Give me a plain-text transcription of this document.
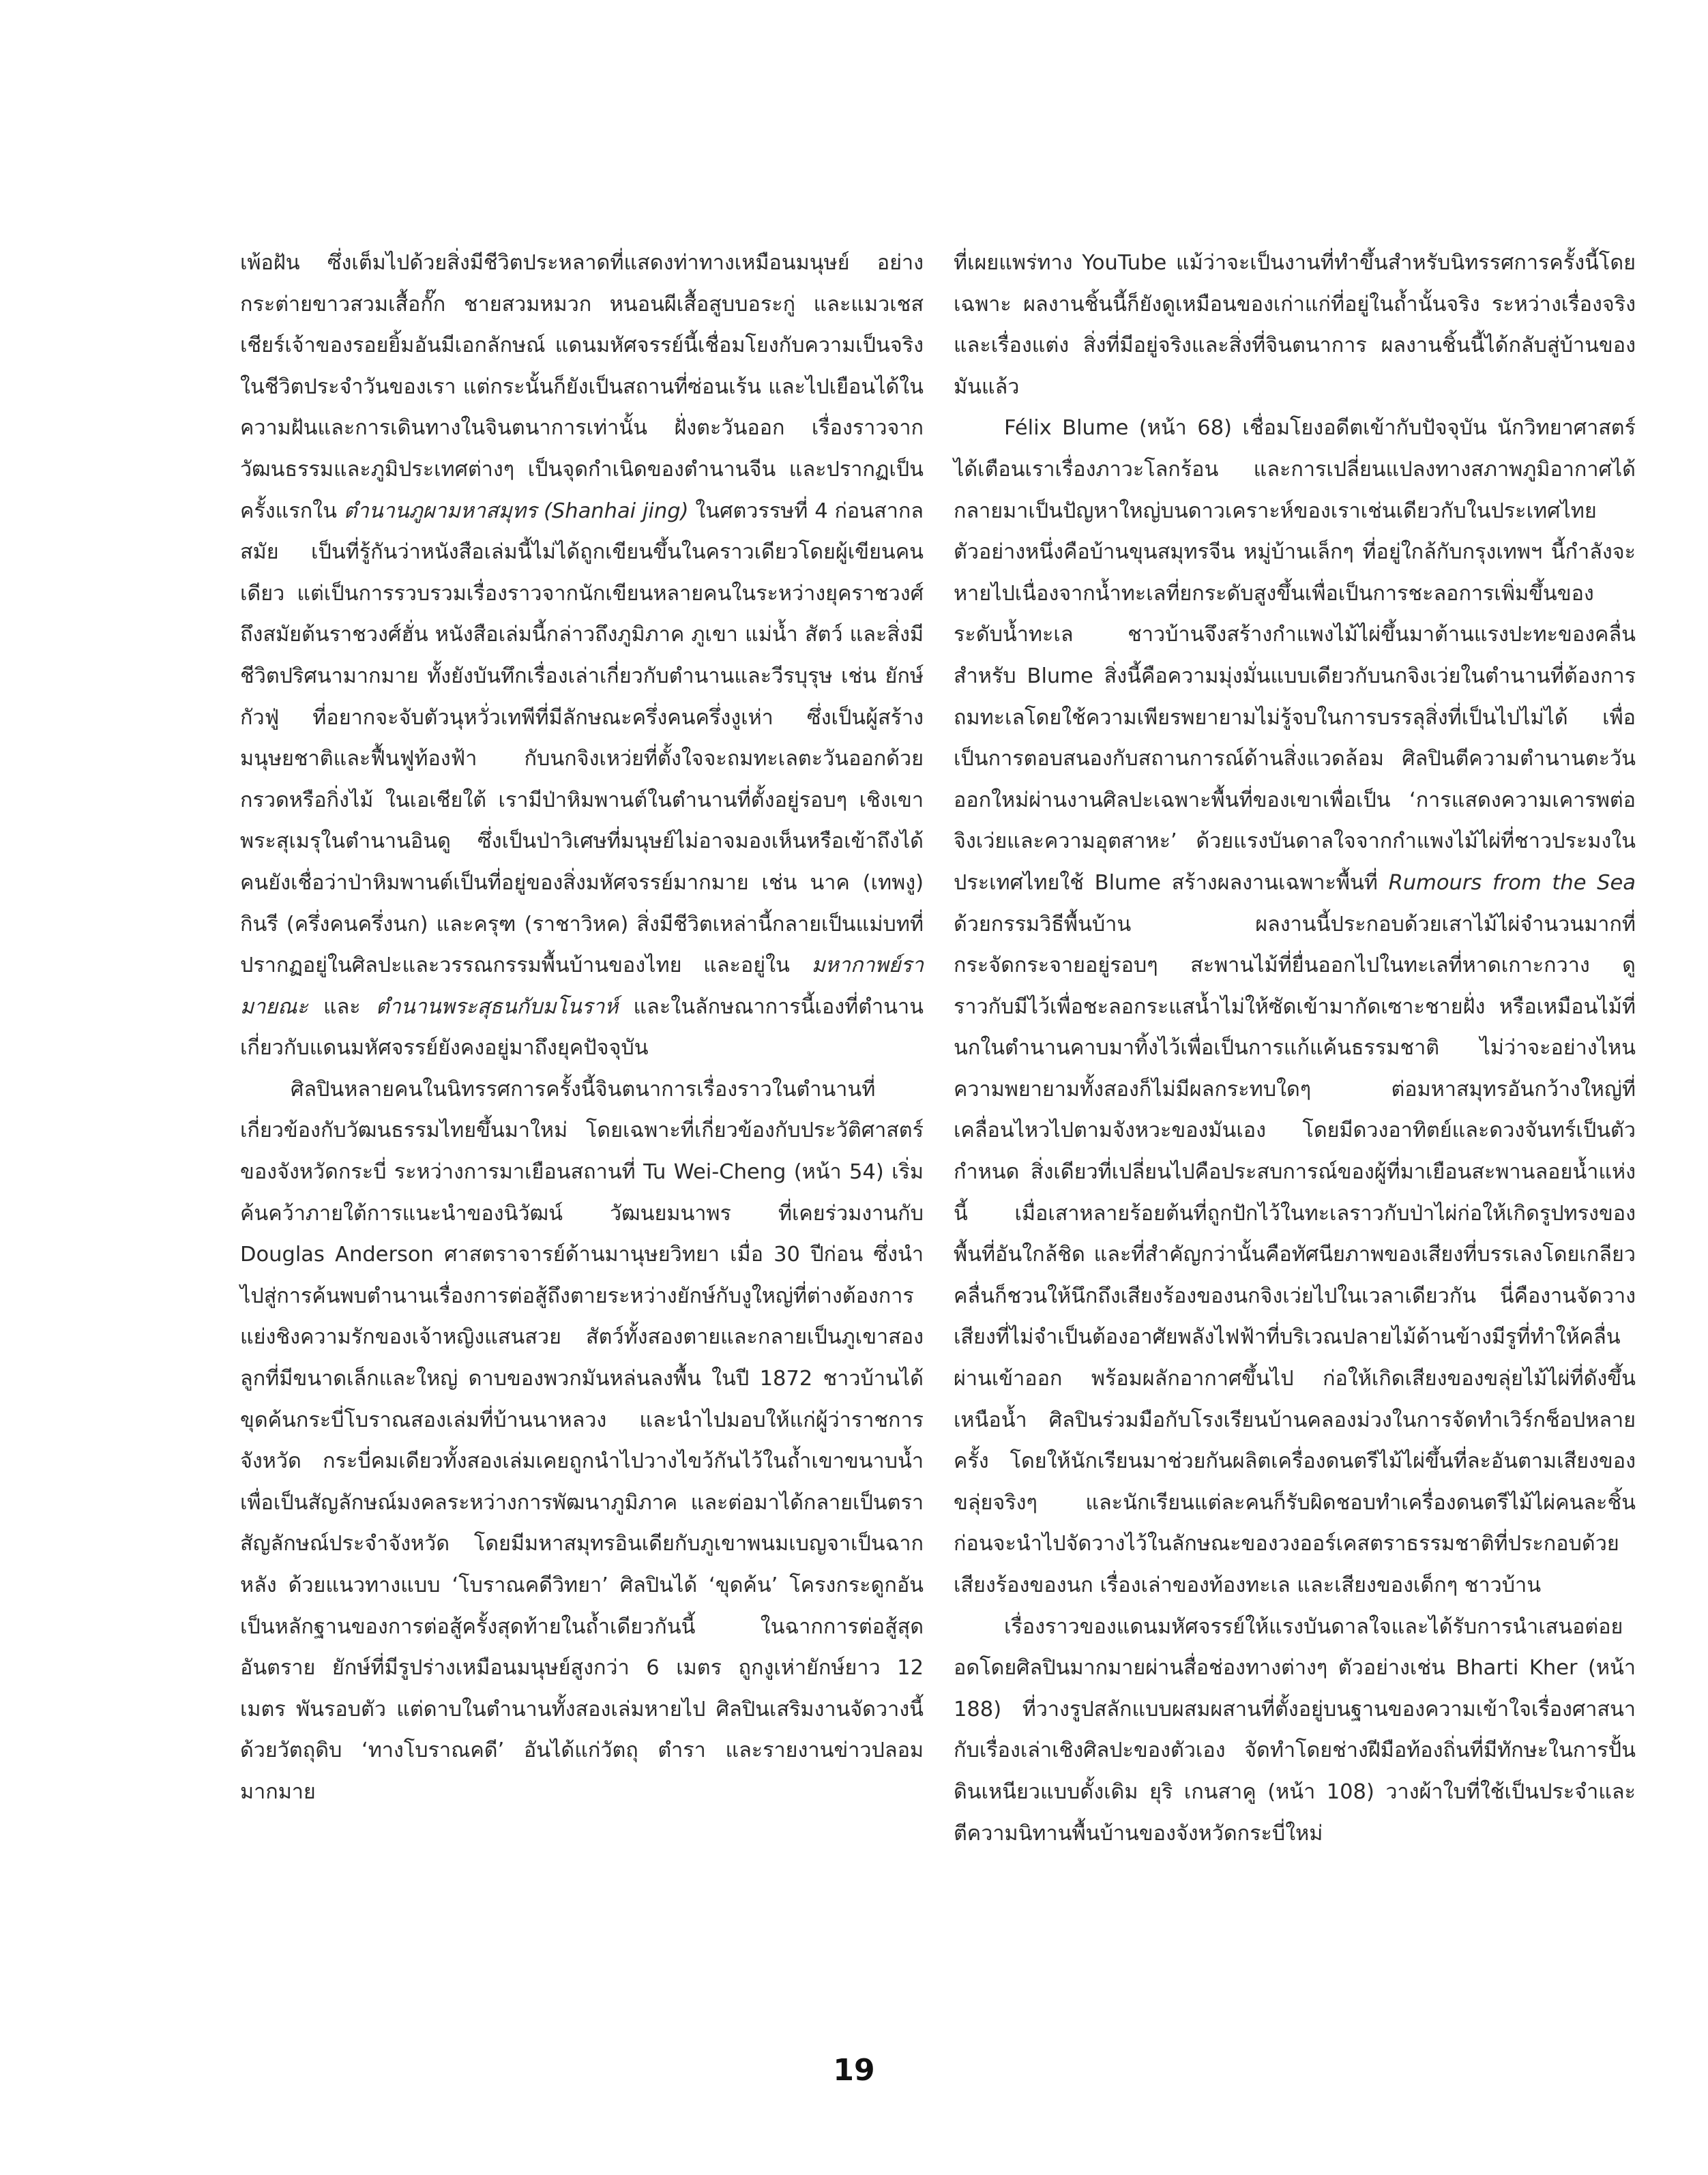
เพ้อฝัน ซึ่งเต็มไปด้วยสิ่งมีชีวิตประหลาดที่แสดงท่าทางเหมือนมนุษย์ อย่างกระต่ายขาวสวมเสื้อกั๊ก ชายสวมหมวก หนอนผีเสื้อสูบบอระกู่ และแมวเชสเชียร์เจ้าของรอยยิ้มอันมีเอกลักษณ์ แดนมหัศจรรย์นี้เชื่อมโยงกับความเป็นจริงในชีวิตประจำวันของเรา แต่กระนั้นก็ยังเป็นสถานที่ซ่อนเร้น และไปเยือนได้ในความฝันและการเดินทางในจินตนาการเท่านั้น ฝั่งตะวันออก เรื่องราวจากวัฒนธรรมและภูมิประเทศต่างๆ เป็นจุดกำเนิดของตำนานจีน และปรากฏเป็นครั้งแรกใน ตำนานภูผามหาสมุทร (Shanhai jing) ในศตวรรษที่ 4 ก่อนสากลสมัย เป็นที่รู้กันว่าหนังสือเล่มนี้ไม่ได้ถูกเขียนขึ้นในคราวเดียวโดยผู้เขียนคนเดียว แต่เป็นการรวบรวมเรื่องราวจากนักเขียนหลายคนในระหว่างยุคราชวงศ์ถึงสมัยต้นราชวงศ์ฮั่น หนังสือเล่มนี้กล่าวถึงภูมิภาค ภูเขา แม่น้ำ สัตว์ และสิ่งมีชีวิตปริศนามากมาย ทั้งยังบันทึกเรื่องเล่าเกี่ยวกับตำนานและวีรบุรุษ เช่น ยักษ์กัวฟู่ ที่อยากจะจับตัวนุหวั่วเทพีที่มีลักษณะครึ่งคนครึ่งงูเห่า ซึ่งเป็นผู้สร้างมนุษยชาติและฟื้นฟูท้องฟ้า กับนกจิงเหว่ยที่ตั้งใจจะถมทะเลตะวันออกด้วยกรวดหรือกิ่งไม้ ในเอเชียใต้ เรามีป่าหิมพานต์ในตำนานที่ตั้งอยู่รอบๆ เชิงเขาพระสุเมรุในตำนานอินดู ซึ่งเป็นป่าวิเศษที่มนุษย์ไม่อาจมองเห็นหรือเข้าถึงได้ คนยังเชื่อว่าป่าหิมพานต์เป็นที่อยู่ของสิ่งมหัศจรรย์มากมาย เช่น นาค (เทพงู) กินรี (ครึ่งคนครึ่งนก) และครุฑ (ราชาวิหค) สิ่งมีชีวิตเหล่านี้กลายเป็นแม่บทที่ปรากฏอยู่ในศิลปะและวรรณกรรมพื้นบ้านของไทย และอยู่ใน มหากาพย์รามายณะ และ ตำนานพระสุธนกับมโนราห์ และในลักษณาการนี้เองที่ตำนานเกี่ยวกับแดนมหัศจรรย์ยังคงอยู่มาถึงยุคปัจจุบัน

ศิลปินหลายคนในนิทรรศการครั้งนี้จินตนาการเรื่องราวในตำนานที่เกี่ยวข้องกับวัฒนธรรมไทยขึ้นมาใหม่ โดยเฉพาะที่เกี่ยวข้องกับประวัติศาสตร์ของจังหวัดกระบี่ ระหว่างการมาเยือนสถานที่ Tu Wei-Cheng (หน้า 54) เริ่มค้นคว้าภายใต้การแนะนำของนิวัฒน์ วัฒนยมนาพร ที่เคยร่วมงานกับ Douglas Anderson ศาสตราจารย์ด้านมานุษยวิทยา เมื่อ 30 ปีก่อน ซึ่งนำไปสู่การค้นพบตำนานเรื่องการต่อสู้ถึงตายระหว่างยักษ์กับงูใหญ่ที่ต่างต้องการแย่งชิงความรักของเจ้าหญิงแสนสวย สัตว์ทั้งสองตายและกลายเป็นภูเขาสองลูกที่มีขนาดเล็กและใหญ่ ดาบของพวกมันหล่นลงพื้น ในปี 1872 ชาวบ้านได้ขุดค้นกระบี่โบราณสองเล่มที่บ้านนาหลวง และนำไปมอบให้แก่ผู้ว่าราชการจังหวัด กระบี่คมเดียวทั้งสองเล่มเคยถูกนำไปวางไขว้กันไว้ในถ้ำเขาขนาบน้ำเพื่อเป็นสัญลักษณ์มงคลระหว่างการพัฒนาภูมิภาค และต่อมาได้กลายเป็นตราสัญลักษณ์ประจำจังหวัด โดยมีมหาสมุทรอินเดียกับภูเขาพนมเบญจาเป็นฉากหลัง ด้วยแนวทางแบบ ‘โบราณคดีวิทยา’ ศิลปินได้ ‘ขุดค้น’ โครงกระดูกอันเป็นหลักฐานของการต่อสู้ครั้งสุดท้ายในถ้ำเดียวกันนี้ ในฉากการต่อสู้สุดอันตราย ยักษ์ที่มีรูปร่างเหมือนมนุษย์สูงกว่า 6 เมตร ถูกงูเห่ายักษ์ยาว 12 เมตร พันรอบตัว แต่ดาบในตำนานทั้งสองเล่มหายไป ศิลปินเสริมงานจัดวางนี้ด้วยวัตถุดิบ ‘ทางโบราณคดี’ อันได้แก่วัตถุ ตำรา และรายงานข่าวปลอมมากมาย

ที่เผยแพร่ทาง YouTube แม้ว่าจะเป็นงานที่ทำขึ้นสำหรับนิทรรศการครั้งนี้โดยเฉพาะ ผลงานชิ้นนี้ก็ยังดูเหมือนของเก่าแก่ที่อยู่ในถ้ำนั้นจริง ระหว่างเรื่องจริงและเรื่องแต่ง สิ่งที่มีอยู่จริงและสิ่งที่จินตนาการ ผลงานชิ้นนี้ได้กลับสู่บ้านของมันแล้ว

Félix Blume (หน้า 68) เชื่อมโยงอดีตเข้ากับปัจจุบัน นักวิทยาศาสตร์ได้เตือนเราเรื่องภาวะโลกร้อน และการเปลี่ยนแปลงทางสภาพภูมิอากาศได้กลายมาเป็นปัญหาใหญ่บนดาวเคราะห์ของเราเช่นเดียวกับในประเทศไทย ตัวอย่างหนึ่งคือบ้านขุนสมุทรจีน หมู่บ้านเล็กๆ ที่อยู่ใกล้กับกรุงเทพฯ นี้กำลังจะหายไปเนื่องจากน้ำทะเลที่ยกระดับสูงขึ้นเพื่อเป็นการชะลอการเพิ่มขึ้นของระดับน้ำทะเล ชาวบ้านจึงสร้างกำแพงไม้ไผ่ขึ้นมาต้านแรงปะทะของคลื่น สำหรับ Blume สิ่งนี้คือความมุ่งมั่นแบบเดียวกับนกจิงเว่ยในตำนานที่ต้องการถมทะเลโดยใช้ความเพียรพยายามไม่รู้จบในการบรรลุสิ่งที่เป็นไปไม่ได้ เพื่อเป็นการตอบสนองกับสถานการณ์ด้านสิ่งแวดล้อม ศิลปินตีความตำนานตะวันออกใหม่ผ่านงานศิลปะเฉพาะพื้นที่ของเขาเพื่อเป็น ‘การแสดงความเคารพต่อจิงเว่ยและความอุตสาหะ’ ด้วยแรงบันดาลใจจากกำแพงไม้ไผ่ที่ชาวประมงในประเทศไทยใช้ Blume สร้างผลงานเฉพาะพื้นที่ Rumours from the Sea ด้วยกรรมวิธีพื้นบ้าน ผลงานนี้ประกอบด้วยเสาไม้ไผ่จำนวนมากที่กระจัดกระจายอยู่รอบๆ สะพานไม้ที่ยื่นออกไปในทะเลที่หาดเกาะกวาง ดูราวกับมีไว้เพื่อชะลอกระแสน้ำไม่ให้ซัดเข้ามากัดเซาะชายฝั่ง หรือเหมือนไม้ที่นกในตำนานคาบมาทิ้งไว้เพื่อเป็นการแก้แค้นธรรมชาติ ไม่ว่าจะอย่างไหน ความพยายามทั้งสองก็ไม่มีผลกระทบใดๆ ต่อมหาสมุทรอันกว้างใหญ่ที่เคลื่อนไหวไปตามจังหวะของมันเอง โดยมีดวงอาทิตย์และดวงจันทร์เป็นตัวกำหนด สิ่งเดียวที่เปลี่ยนไปคือประสบการณ์ของผู้ที่มาเยือนสะพานลอยน้ำแห่งนี้ เมื่อเสาหลายร้อยต้นที่ถูกปักไว้ในทะเลราวกับป่าไผ่ก่อให้เกิดรูปทรงของพื้นที่อันใกล้ชิด และที่สำคัญกว่านั้นคือทัศนียภาพของเสียงที่บรรเลงโดยเกลียวคลื่นก็ชวนให้นึกถึงเสียงร้องของนกจิงเว่ยไปในเวลาเดียวกัน นี่คืองานจัดวางเสียงที่ไม่จำเป็นต้องอาศัยพลังไฟฟ้าที่บริเวณปลายไม้ด้านข้างมีรูที่ทำให้คลื่นผ่านเข้าออก พร้อมผลักอากาศขึ้นไป ก่อให้เกิดเสียงของขลุ่ยไม้ไผ่ที่ดังขึ้นเหนือน้ำ ศิลปินร่วมมือกับโรงเรียนบ้านคลองม่วงในการจัดทำเวิร์กช็อปหลายครั้ง โดยให้นักเรียนมาช่วยกันผลิตเครื่องดนตรีไม้ไผ่ขึ้นที่ละอันตามเสียงของขลุ่ยจริงๆ และนักเรียนแต่ละคนก็รับผิดชอบทำเครื่องดนตรีไม้ไผ่คนละชิ้น ก่อนจะนำไปจัดวางไว้ในลักษณะของวงออร์เคสตราธรรมชาติที่ประกอบด้วยเสียงร้องของนก เรื่องเล่าของท้องทะเล และเสียงของเด็กๆ ชาวบ้าน

เรื่องราวของแดนมหัศจรรย์ให้แรงบันดาลใจและได้รับการนำเสนอต่อยอดโดยศิลปินมากมายผ่านสื่อช่องทางต่างๆ ตัวอย่างเช่น Bharti Kher (หน้า 188) ที่วางรูปสลักแบบผสมผสานที่ตั้งอยู่บนฐานของความเข้าใจเรื่องศาสนากับเรื่องเล่าเชิงศิลปะของตัวเอง จัดทำโดยช่างฝีมือท้องถิ่นที่มีทักษะในการปั้นดินเหนียวแบบดั้งเดิม ยุริ เกนสาคู (หน้า 108) วางผ้าใบที่ใช้เป็นประจำและตีความนิทานพื้นบ้านของจังหวัดกระบี่ใหม่

19
